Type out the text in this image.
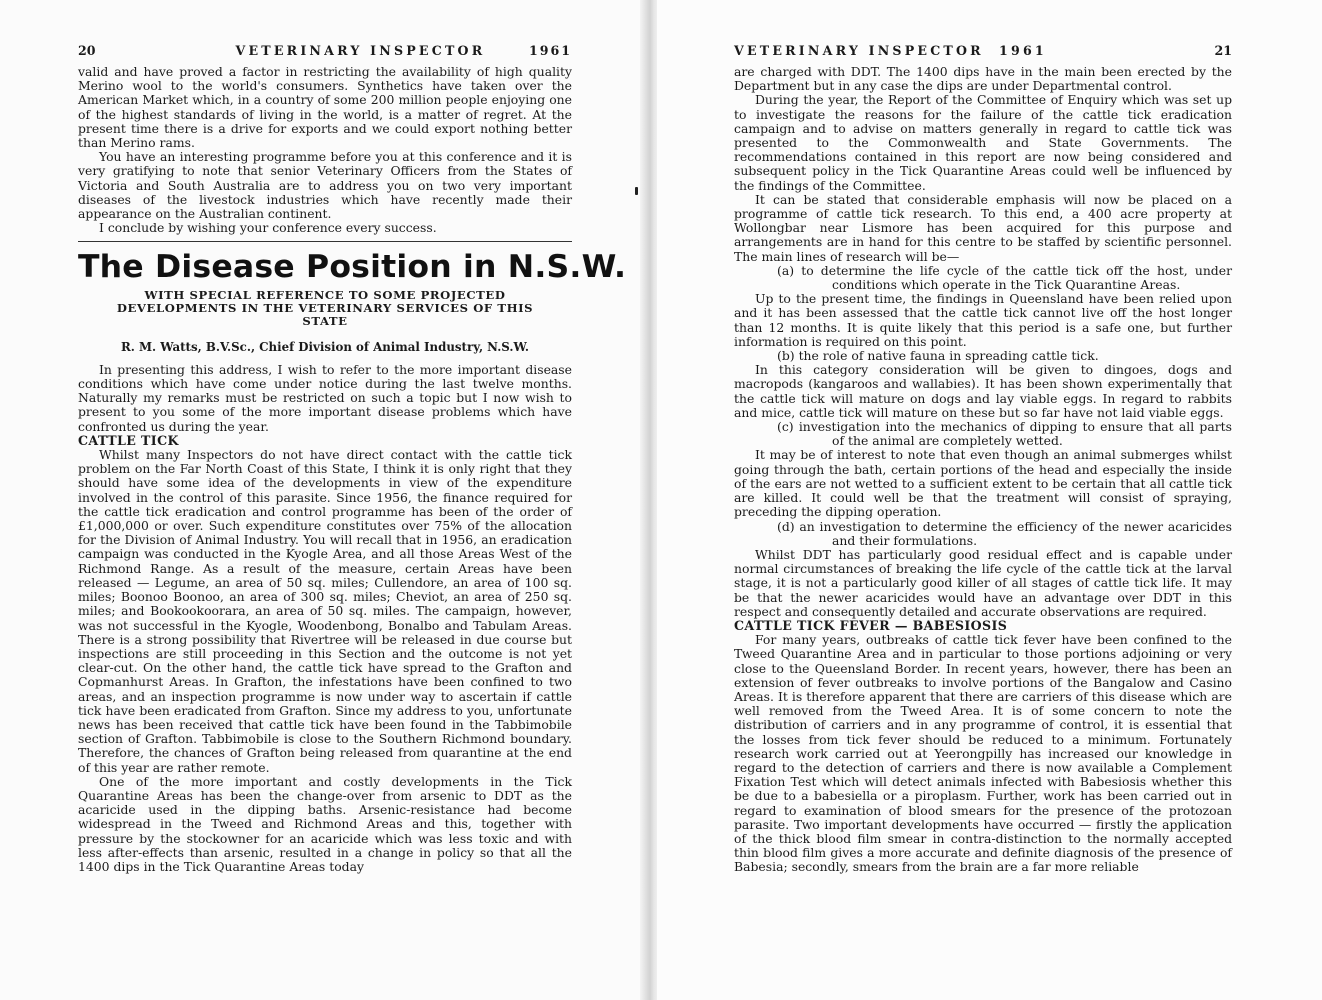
20	VETERINARY INSPECTOR	1961

valid and have proved a factor in restricting the availability of high quality Merino wool to the world's consumers. Synthetics have taken over the American Market which, in a country of some 200 million people enjoying one of the highest standards of living in the world, is a matter of regret. At the present time there is a drive for exports and we could export nothing better than Merino rams.

You have an interesting programme before you at this conference and it is very gratifying to note that senior Veterinary Officers from the States of Victoria and South Australia are to address you on two very important diseases of the livestock industries which have recently made their appearance on the Australian continent.

I conclude by wishing your conference every success.

The Disease Position in N.S.W.
WITH SPECIAL REFERENCE TO SOME PROJECTED DEVELOPMENTS IN THE VETERINARY SERVICES OF THIS STATE
R. M. Watts, B.V.Sc., Chief Division of Animal Industry, N.S.W.

In presenting this address, I wish to refer to the more important disease conditions which have come under notice during the last twelve months. Naturally my remarks must be restricted on such a topic but I now wish to present to you some of the more important disease problems which have confronted us during the year.

CATTLE TICK

Whilst many Inspectors do not have direct contact with the cattle tick problem on the Far North Coast of this State, I think it is only right that they should have some idea of the developments in view of the expenditure involved in the control of this parasite. Since 1956, the finance required for the cattle tick eradication and control programme has been of the order of £1,000,000 or over. Such expenditure constitutes over 75% of the allocation for the Division of Animal Industry. You will recall that in 1956, an eradication campaign was conducted in the Kyogle Area, and all those Areas West of the Richmond Range. As a result of the measure, certain Areas have been released — Legume, an area of 50 sq. miles; Cullendore, an area of 100 sq. miles; Boonoo Boonoo, an area of 300 sq. miles; Cheviot, an area of 250 sq. miles; and Bookookoorara, an area of 50 sq. miles. The campaign, however, was not successful in the Kyogle, Woodenbong, Bonalbo and Tabulam Areas. There is a strong possibility that Rivertree will be released in due course but inspections are still proceeding in this Section and the outcome is not yet clear-cut. On the other hand, the cattle tick have spread to the Grafton and Copmanhurst Areas. In Grafton, the infestations have been confined to two areas, and an inspection programme is now under way to ascertain if cattle tick have been eradicated from Grafton. Since my address to you, unfortunate news has been received that cattle tick have been found in the Tabbimobile section of Grafton. Tabbimobile is close to the Southern Richmond boundary. Therefore, the chances of Grafton being released from quarantine at the end of this year are rather remote.

One of the more important and costly developments in the Tick Quarantine Areas has been the change-over from arsenic to DDT as the acaricide used in the dipping baths. Arsenic-resistance had become widespread in the Tweed and Richmond Areas and this, together with pressure by the stockowner for an acaricide which was less toxic and with less after-effects than arsenic, resulted in a change in policy so that all the 1400 dips in the Tick Quarantine Areas today

VETERINARY INSPECTOR 1961	21

are charged with DDT. The 1400 dips have in the main been erected by the Department but in any case the dips are under Departmental control.

During the year, the Report of the Committee of Enquiry which was set up to investigate the reasons for the failure of the cattle tick eradication campaign and to advise on matters generally in regard to cattle tick was presented to the Commonwealth and State Governments. The recommendations contained in this report are now being considered and subsequent policy in the Tick Quarantine Areas could well be influenced by the findings of the Committee.

It can be stated that considerable emphasis will now be placed on a programme of cattle tick research. To this end, a 400 acre property at Wollongbar near Lismore has been acquired for this purpose and arrangements are in hand for this centre to be staffed by scientific personnel. The main lines of research will be—

(a) to determine the life cycle of the cattle tick off the host, under conditions which operate in the Tick Quarantine Areas.

Up to the present time, the findings in Queensland have been relied upon and it has been assessed that the cattle tick cannot live off the host longer than 12 months. It is quite likely that this period is a safe one, but further information is required on this point.

(b) the role of native fauna in spreading cattle tick.

In this category consideration will be given to dingoes, dogs and macropods (kangaroos and wallabies). It has been shown experimentally that the cattle tick will mature on dogs and lay viable eggs. In regard to rabbits and mice, cattle tick will mature on these but so far have not laid viable eggs.

(c) investigation into the mechanics of dipping to ensure that all parts of the animal are completely wetted.

It may be of interest to note that even though an animal submerges whilst going through the bath, certain portions of the head and especially the inside of the ears are not wetted to a sufficient extent to be certain that all cattle tick are killed. It could well be that the treatment will consist of spraying, preceding the dipping operation.

(d) an investigation to determine the efficiency of the newer acaricides and their formulations.

Whilst DDT has particularly good residual effect and is capable under normal circumstances of breaking the life cycle of the cattle tick at the larval stage, it is not a particularly good killer of all stages of cattle tick life. It may be that the newer acaricides would have an advantage over DDT in this respect and consequently detailed and accurate observations are required.

CATTLE TICK FEVER — BABESIOSIS

For many years, outbreaks of cattle tick fever have been confined to the Tweed Quarantine Area and in particular to those portions adjoining or very close to the Queensland Border. In recent years, however, there has been an extension of fever outbreaks to involve portions of the Bangalow and Casino Areas. It is therefore apparent that there are carriers of this disease which are well removed from the Tweed Area. It is of some concern to note the distribution of carriers and in any programme of control, it is essential that the losses from tick fever should be reduced to a minimum. Fortunately research work carried out at Yeerongpilly has increased our knowledge in regard to the detection of carriers and there is now available a Complement Fixation Test which will detect animals infected with Babesiosis whether this be due to a babesiella or a piroplasm. Further, work has been carried out in regard to examination of blood smears for the presence of the protozoan parasite. Two important developments have occurred — firstly the application of the thick blood film smear in contra-distinction to the normally accepted thin blood film gives a more accurate and definite diagnosis of the presence of Babesia; secondly, smears from the brain are a far more reliable
